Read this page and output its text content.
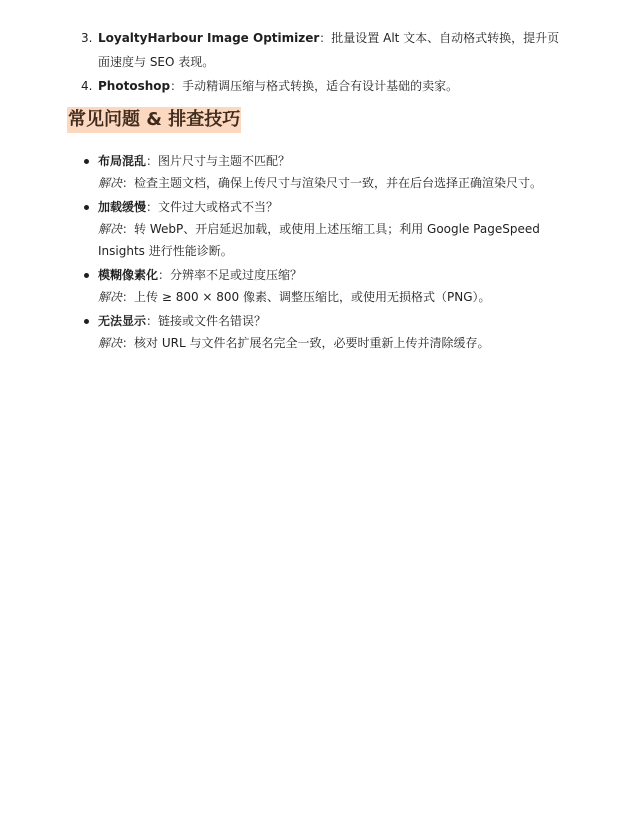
3. LoyaltyHarbour Image Optimizer：批量设置 Alt 文本、自动格式转换，提升页面速度与 SEO 表现。
4. Photoshop：手动精调压缩与格式转换，适合有设计基础的卖家。
常见问题 & 排查技巧
布局混乱：图片尺寸与主题不匹配？
解决：检查主题文档，确保上传尺寸与渲染尺寸一致，并在后台选择正确渲染尺寸。
加载缓慢：文件过大或格式不当？
解决：转 WebP、开启延迟加载，或使用上述压缩工具；利用 Google PageSpeed Insights 进行性能诊断。
模糊像素化：分辨率不足或过度压缩？
解决：上传 ≥ 800 × 800 像素、调整压缩比，或使用无损格式（PNG）。
无法显示：链接或文件名错误？
解决：核对 URL 与文件名扩展名完全一致，必要时重新上传并清除缓存。
